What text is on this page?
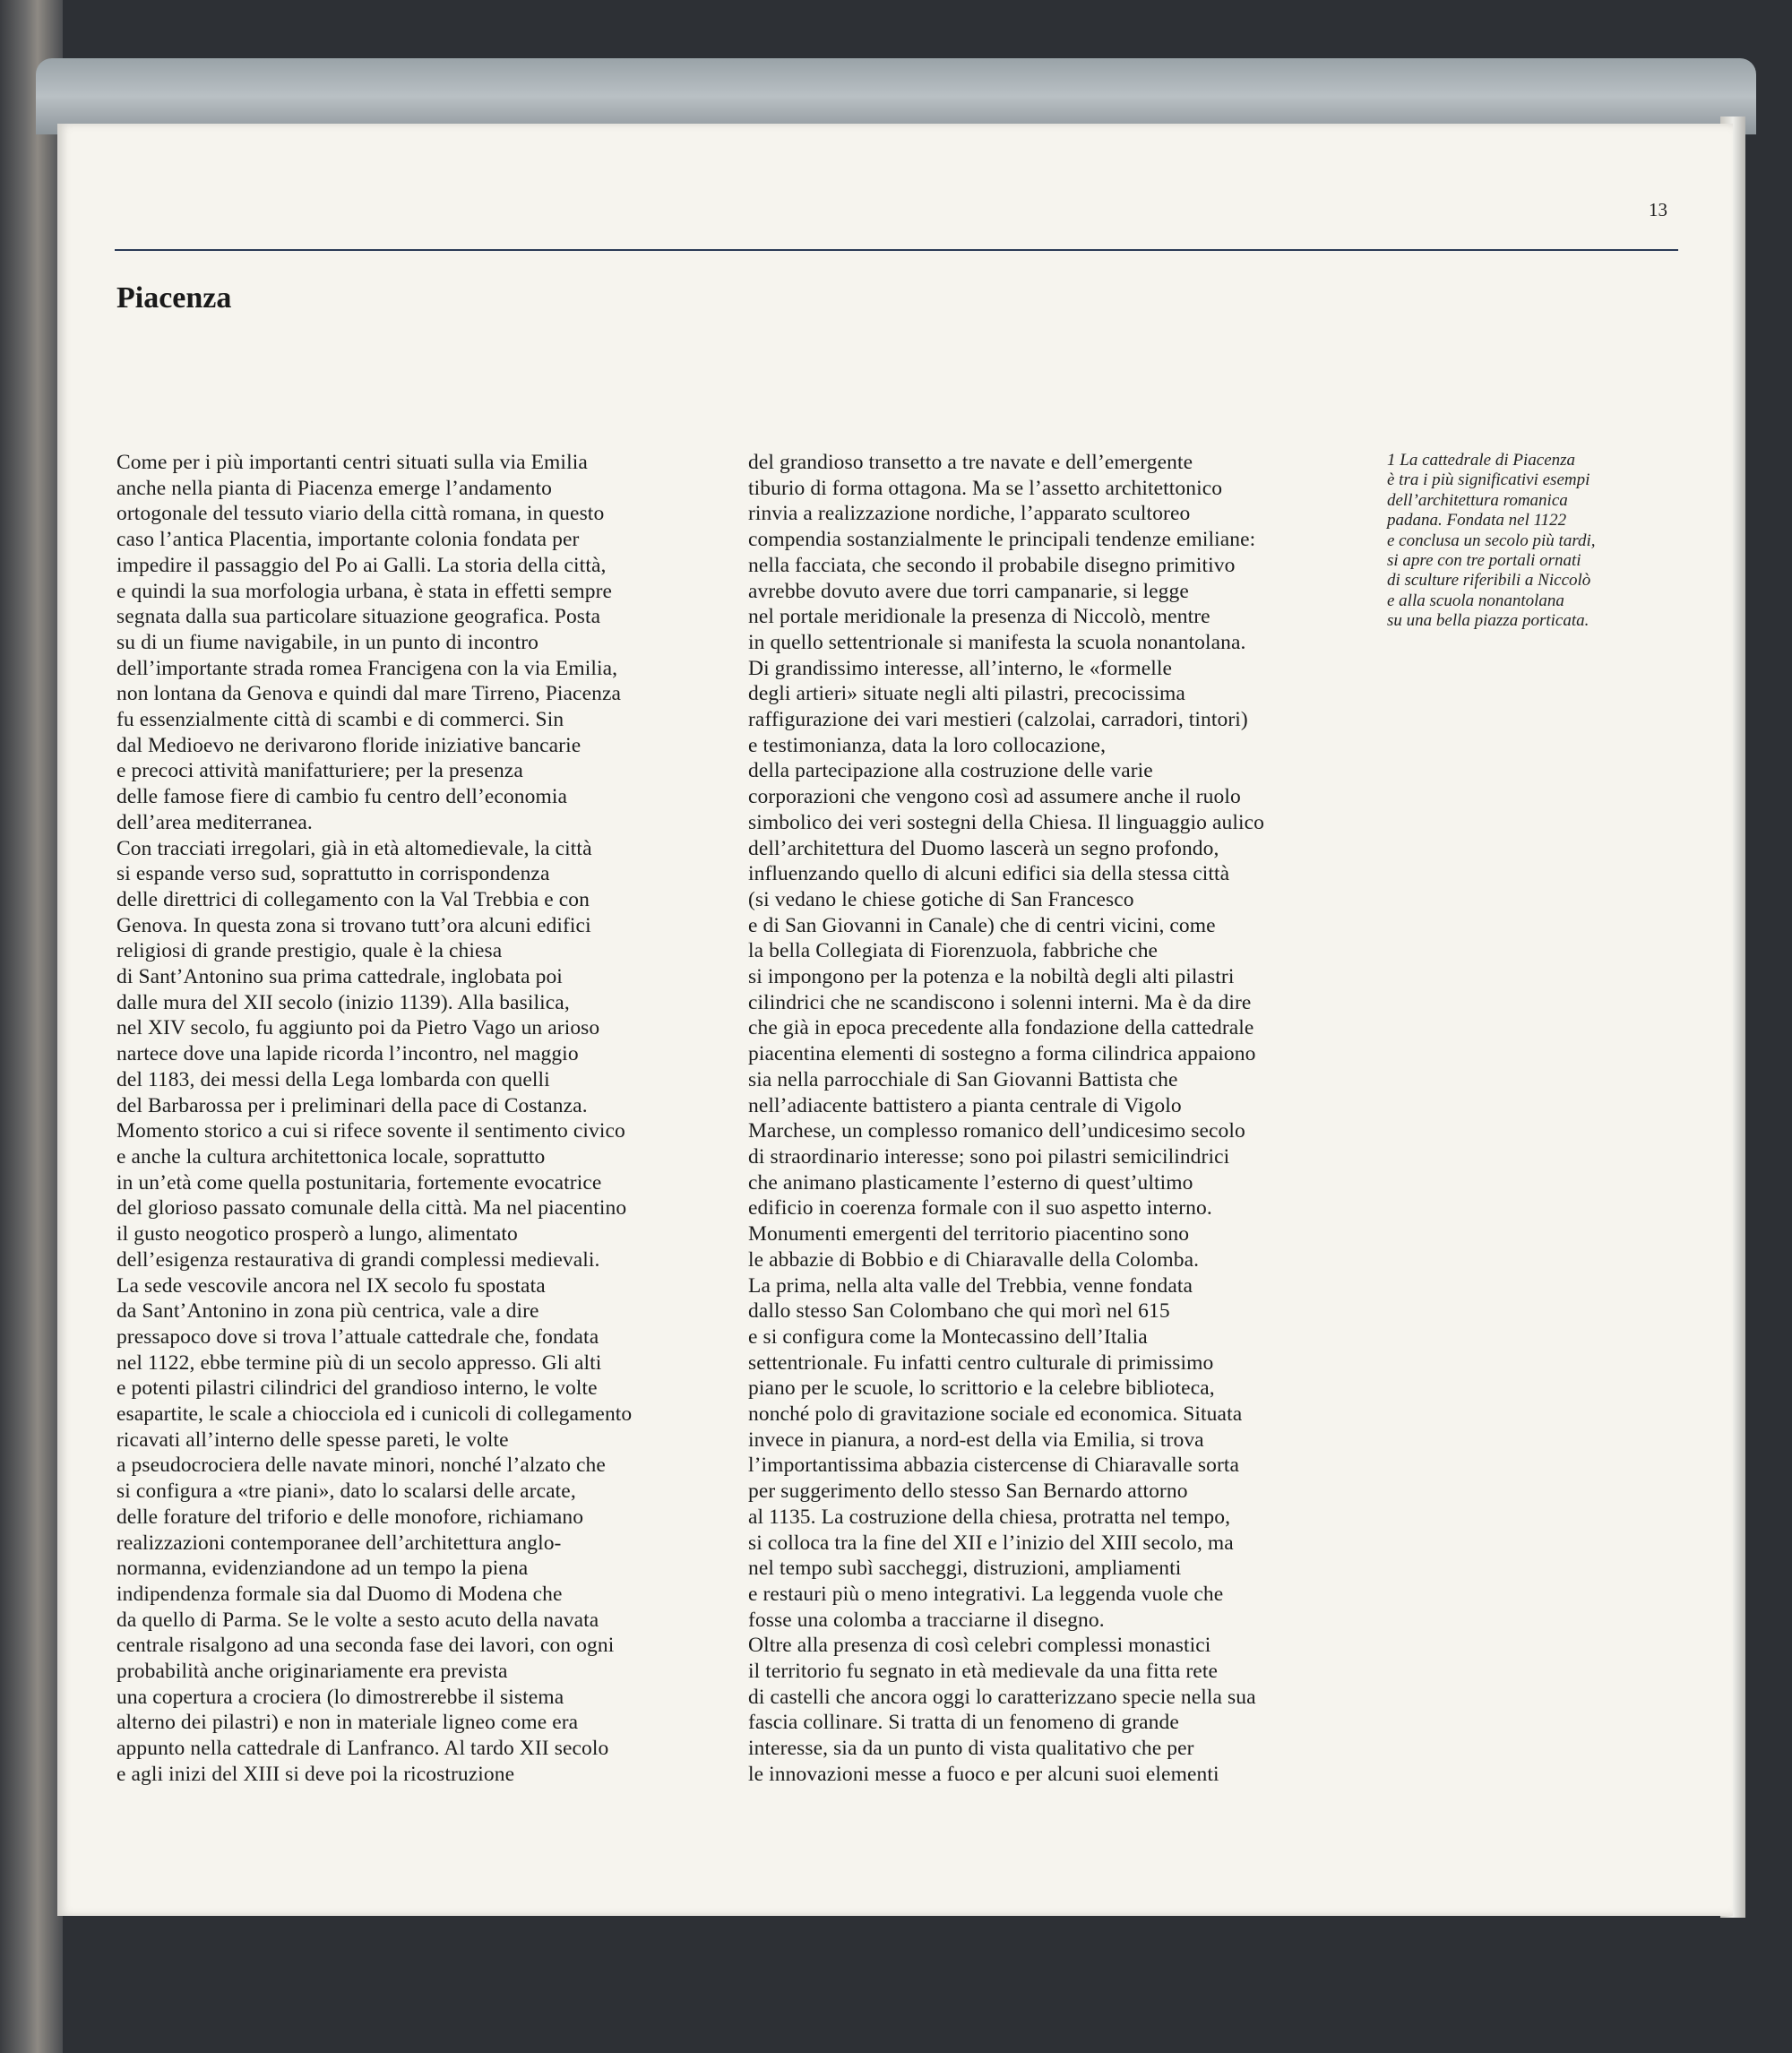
13
Piacenza
Come per i più importanti centri situati sulla via Emilia
anche nella pianta di Piacenza emerge l’andamento
ortogonale del tessuto viario della città romana, in questo
caso l’antica Placentia, importante colonia fondata per
impedire il passaggio del Po ai Galli. La storia della città,
e quindi la sua morfologia urbana, è stata in effetti sempre
segnata dalla sua particolare situazione geografica. Posta
su di un fiume navigabile, in un punto di incontro
dell’importante strada romea Francigena con la via Emilia,
non lontana da Genova e quindi dal mare Tirreno, Piacenza
fu essenzialmente città di scambi e di commerci. Sin
dal Medioevo ne derivarono floride iniziative bancarie
e precoci attività manifatturiere; per la presenza
delle famose fiere di cambio fu centro dell’economia
dell’area mediterranea.
Con tracciati irregolari, già in età altomedievale, la città
si espande verso sud, soprattutto in corrispondenza
delle direttrici di collegamento con la Val Trebbia e con
Genova. In questa zona si trovano tutt’ora alcuni edifici
religiosi di grande prestigio, quale è la chiesa
di Sant’Antonino sua prima cattedrale, inglobata poi
dalle mura del XII secolo (inizio 1139). Alla basilica,
nel XIV secolo, fu aggiunto poi da Pietro Vago un arioso
nartece dove una lapide ricorda l’incontro, nel maggio
del 1183, dei messi della Lega lombarda con quelli
del Barbarossa per i preliminari della pace di Costanza.
Momento storico a cui si rifece sovente il sentimento civico
e anche la cultura architettonica locale, soprattutto
in un’età come quella postunitaria, fortemente evocatrice
del glorioso passato comunale della città. Ma nel piacentino
il gusto neogotico prosperò a lungo, alimentato
dell’esigenza restaurativa di grandi complessi medievali.
La sede vescovile ancora nel IX secolo fu spostata
da Sant’Antonino in zona più centrica, vale a dire
pressapoco dove si trova l’attuale cattedrale che, fondata
nel 1122, ebbe termine più di un secolo appresso. Gli alti
e potenti pilastri cilindrici del grandioso interno, le volte
esapartite, le scale a chiocciola ed i cunicoli di collegamento
ricavati all’interno delle spesse pareti, le volte
a pseudocrociera delle navate minori, nonché l’alzato che
si configura a «tre piani», dato lo scalarsi delle arcate,
delle forature del triforio e delle monofore, richiamano
realizzazioni contemporanee dell’architettura anglo-
normanna, evidenziandone ad un tempo la piena
indipendenza formale sia dal Duomo di Modena che
da quello di Parma. Se le volte a sesto acuto della navata
centrale risalgono ad una seconda fase dei lavori, con ogni
probabilità anche originariamente era prevista
una copertura a crociera (lo dimostrerebbe il sistema
alterno dei pilastri) e non in materiale ligneo come era
appunto nella cattedrale di Lanfranco. Al tardo XII secolo
e agli inizi del XIII si deve poi la ricostruzione
del grandioso transetto a tre navate e dell’emergente
tiburio di forma ottagona. Ma se l’assetto architettonico
rinvia a realizzazione nordiche, l’apparato scultoreo
compendia sostanzialmente le principali tendenze emiliane:
nella facciata, che secondo il probabile disegno primitivo
avrebbe dovuto avere due torri campanarie, si legge
nel portale meridionale la presenza di Niccolò, mentre
in quello settentrionale si manifesta la scuola nonantolana.
Di grandissimo interesse, all’interno, le «formelle
degli artieri» situate negli alti pilastri, precocissima
raffigurazione dei vari mestieri (calzolai, carradori, tintori)
e testimonianza, data la loro collocazione,
della partecipazione alla costruzione delle varie
corporazioni che vengono così ad assumere anche il ruolo
simbolico dei veri sostegni della Chiesa. Il linguaggio aulico
dell’architettura del Duomo lascerà un segno profondo,
influenzando quello di alcuni edifici sia della stessa città
(si vedano le chiese gotiche di San Francesco
e di San Giovanni in Canale) che di centri vicini, come
la bella Collegiata di Fiorenzuola, fabbriche che
si impongono per la potenza e la nobiltà degli alti pilastri
cilindrici che ne scandiscono i solenni interni. Ma è da dire
che già in epoca precedente alla fondazione della cattedrale
piacentina elementi di sostegno a forma cilindrica appaiono
sia nella parrocchiale di San Giovanni Battista che
nell’adiacente battistero a pianta centrale di Vigolo
Marchese, un complesso romanico dell’undicesimo secolo
di straordinario interesse; sono poi pilastri semicilindrici
che animano plasticamente l’esterno di quest’ultimo
edificio in coerenza formale con il suo aspetto interno.
Monumenti emergenti del territorio piacentino sono
le abbazie di Bobbio e di Chiaravalle della Colomba.
La prima, nella alta valle del Trebbia, venne fondata
dallo stesso San Colombano che qui morì nel 615
e si configura come la Montecassino dell’Italia
settentrionale. Fu infatti centro culturale di primissimo
piano per le scuole, lo scrittorio e la celebre biblioteca,
nonché polo di gravitazione sociale ed economica. Situata
invece in pianura, a nord-est della via Emilia, si trova
l’importantissima abbazia cistercense di Chiaravalle sorta
per suggerimento dello stesso San Bernardo attorno
al 1135. La costruzione della chiesa, protratta nel tempo,
si colloca tra la fine del XII e l’inizio del XIII secolo, ma
nel tempo subì saccheggi, distruzioni, ampliamenti
e restauri più o meno integrativi. La leggenda vuole che
fosse una colomba a tracciarne il disegno.
Oltre alla presenza di così celebri complessi monastici
il territorio fu segnato in età medievale da una fitta rete
di castelli che ancora oggi lo caratterizzano specie nella sua
fascia collinare. Si tratta di un fenomeno di grande
interesse, sia da un punto di vista qualitativo che per
le innovazioni messe a fuoco e per alcuni suoi elementi
1 La cattedrale di Piacenza
è tra i più significativi esempi
dell’architettura romanica
padana. Fondata nel 1122
e conclusa un secolo più tardi,
si apre con tre portali ornati
di sculture riferibili a Niccolò
e alla scuola nonantolana
su una bella piazza porticata.
